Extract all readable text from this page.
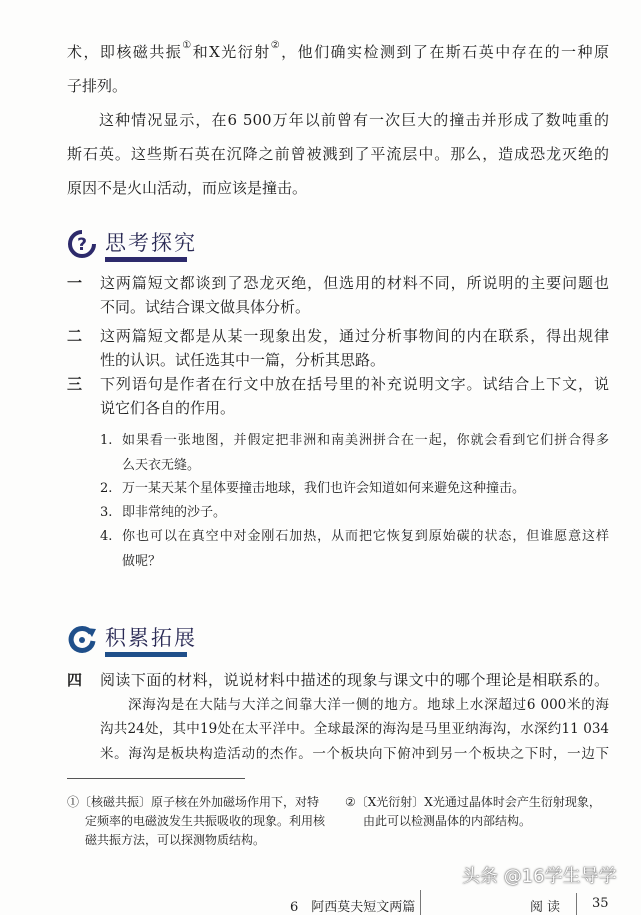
术，即核磁共振①和X光衍射②，他们确实检测到了在斯石英中存在的一种原
子排列。
这种情况显示，在6 500万年以前曾有一次巨大的撞击并形成了数吨重的
斯石英。这些斯石英在沉降之前曾被溅到了平流层中。那么，造成恐龙灭绝的
原因不是火山活动，而应该是撞击。
? 思考探究
一 这两篇短文都谈到了恐龙灭绝，但选用的材料不同，所说明的主要问题也
不同。试结合课文做具体分析。
二 这两篇短文都是从某一现象出发，通过分析事物间的内在联系，得出规律
性的认识。试任选其中一篇，分析其思路。
三 下列语句是作者在行文中放在括号里的补充说明文字。试结合上下文，说
说它们各自的作用。
1. 如果看一张地图，并假定把非洲和南美洲拼合在一起，你就会看到它们拼合得多
么天衣无缝。
2. 万一某天某个星体要撞击地球，我们也许会知道如何来避免这种撞击。
3. 即非常纯的沙子。
4. 你也可以在真空中对金刚石加热，从而把它恢复到原始碳的状态，但谁愿意这样
做呢？
积累拓展
四 阅读下面的材料，说说材料中描述的现象与课文中的哪个理论是相联系的。
深海沟是在大陆与大洋之间靠大洋一侧的地方。地球上水深超过6 000米的海
沟共24处，其中19处在太平洋中。全球最深的海沟是马里亚纳海沟，水深约11 034
米。海沟是板块构造活动的杰作。一个板块向下俯冲到另一个板块之下时，一边下
①〔核磁共振〕原子核在外加磁场作用下，对特
定频率的电磁波发生共振吸收的现象。利用核
磁共振方法，可以探测物质结构。
②〔X光衍射〕X光通过晶体时会产生衍射现象，
由此可以检测晶体的内部结构。
头条 @16学生导学
6　阿西莫夫短文两篇	阅读 35
